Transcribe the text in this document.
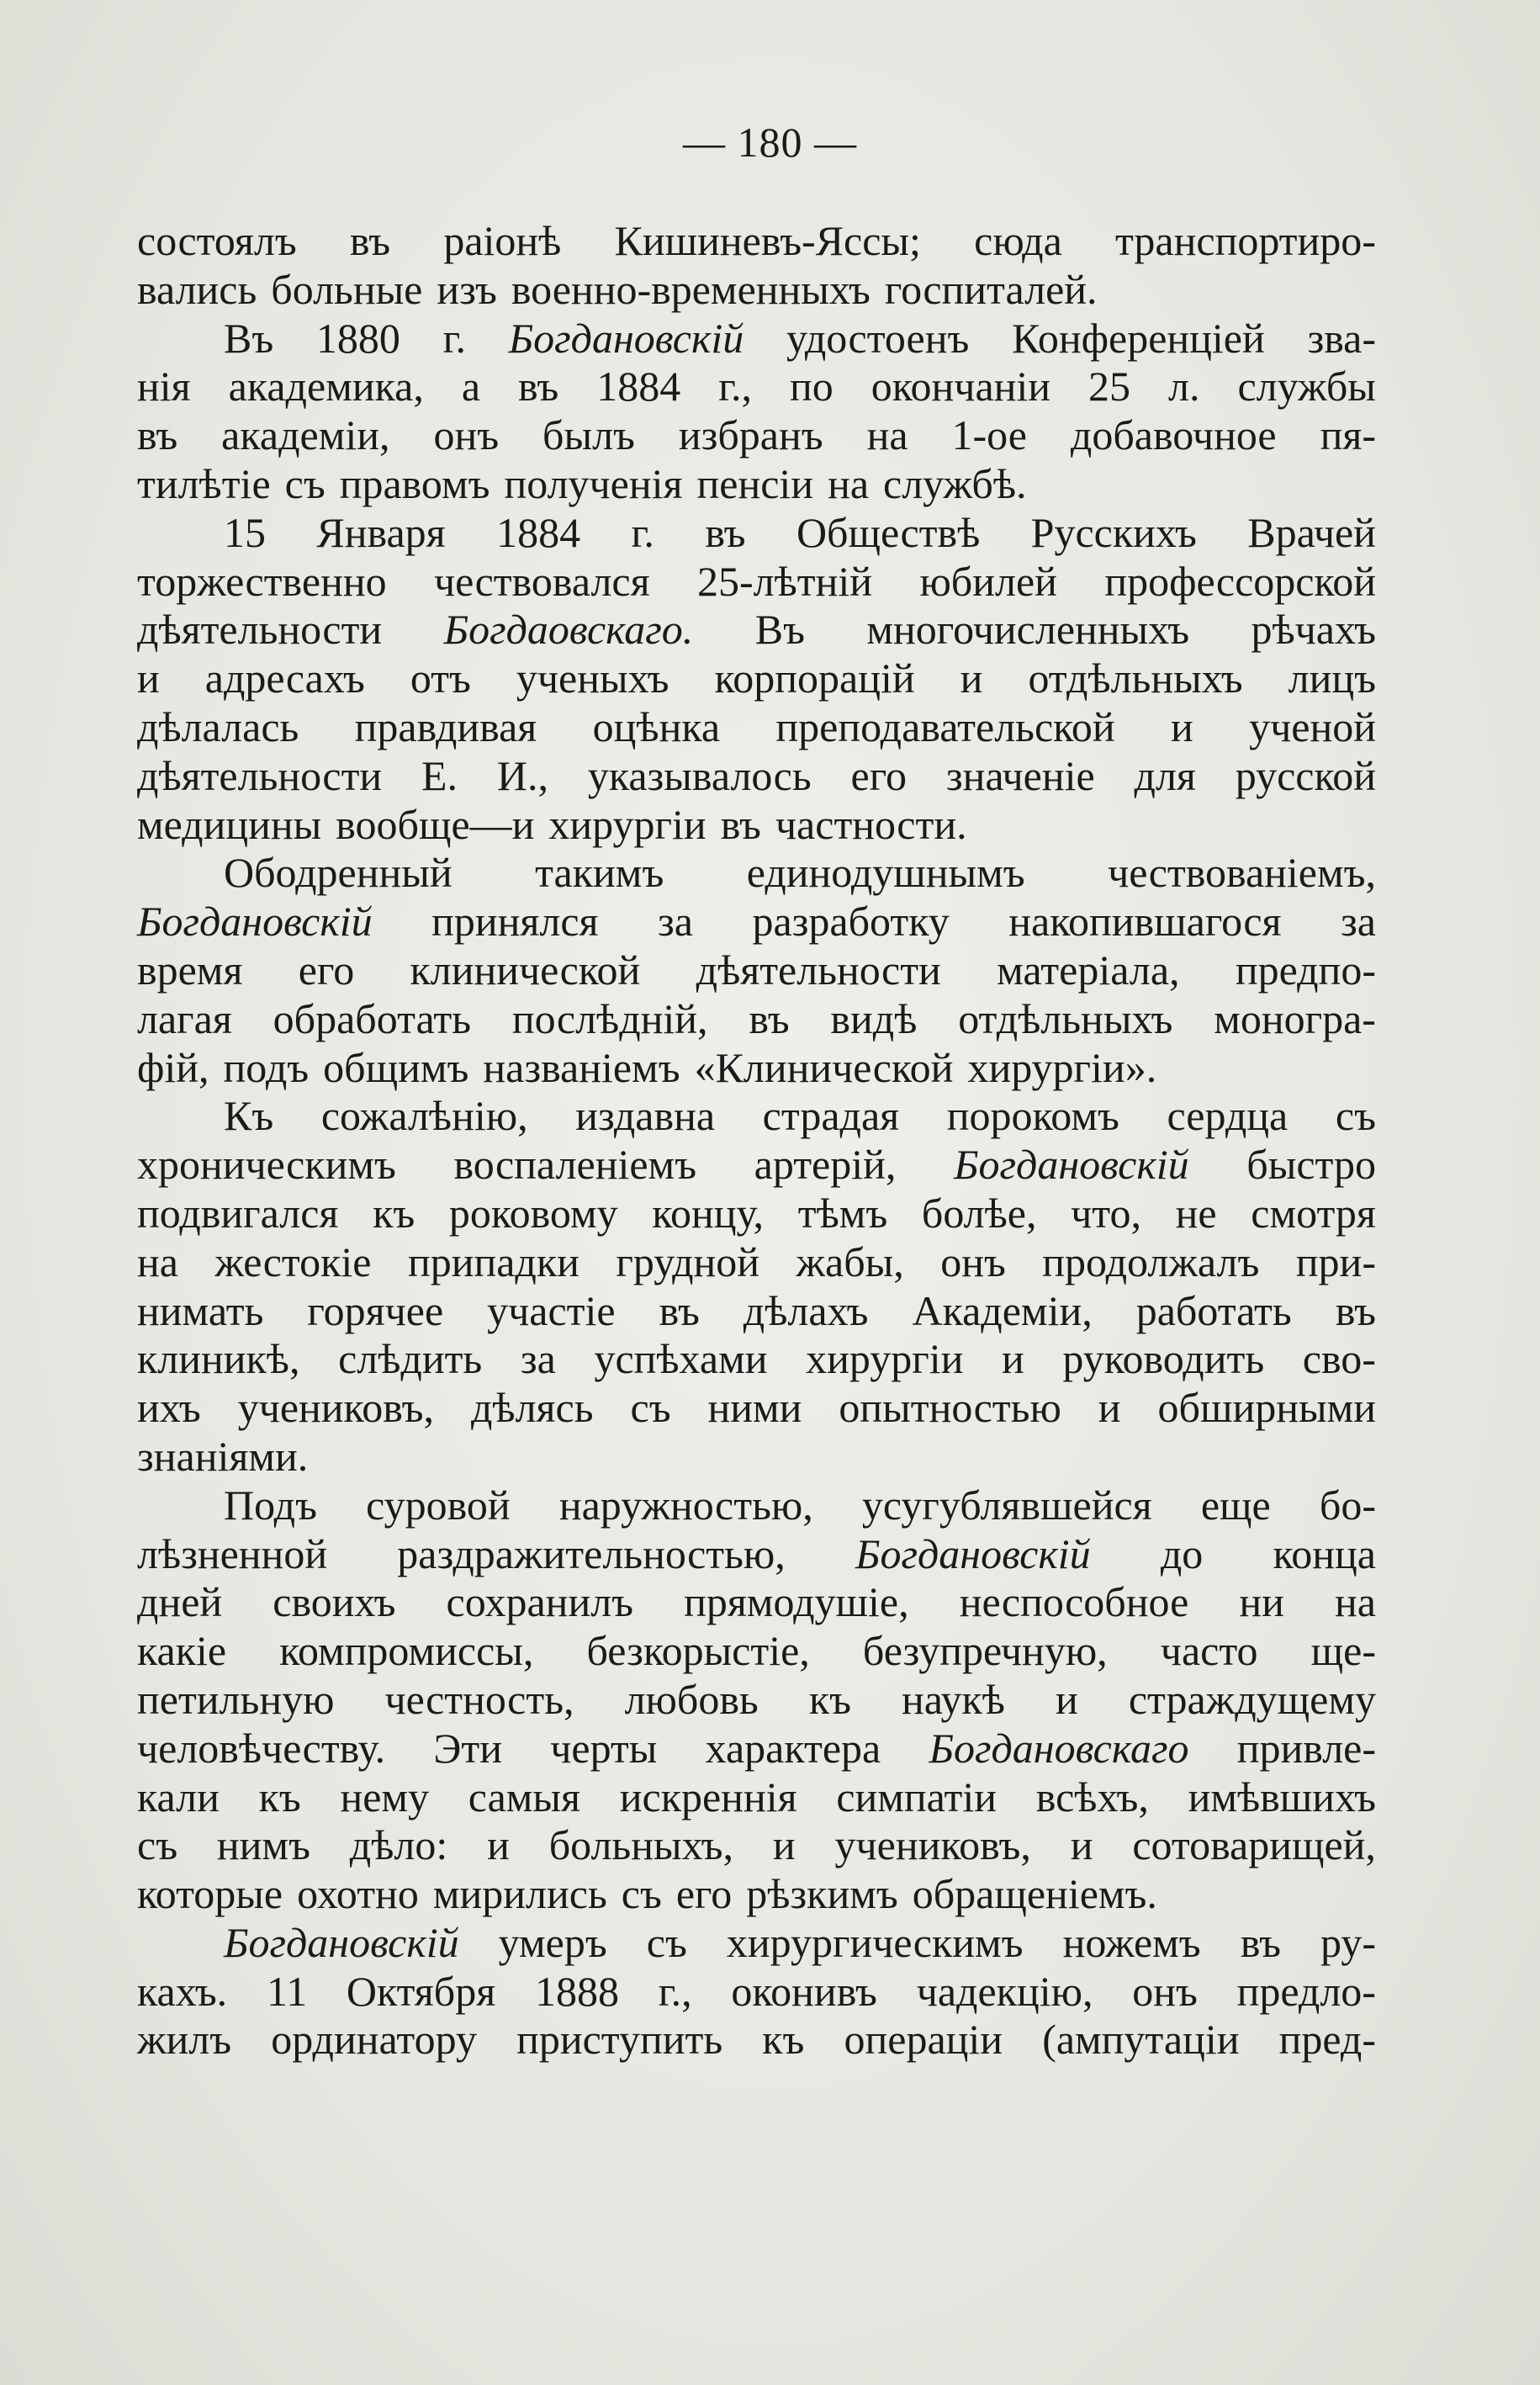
— 180 —
состоялъ въ раіонѣ Кишиневъ-Яссы; сюда транспортиро-
вались больные изъ военно-временныхъ госпиталей.
Въ 1880 г. Богдановскій удостоенъ Конференціей зва-
нія академика, а въ 1884 г., по окончаніи 25 л. службы
въ академіи, онъ былъ избранъ на 1-ое добавочное пя-
тилѣтіе съ правомъ полученія пенсіи на службѣ.
15 Января 1884 г. въ Обществѣ Русскихъ Врачей
торжественно чествовался 25-лѣтній юбилей профессорской
дѣятельности Богдаовскаго. Въ многочисленныхъ рѣчахъ
и адресахъ отъ ученыхъ корпорацій и отдѣльныхъ лицъ
дѣлалась правдивая оцѣнка преподавательской и ученой
дѣятельности Е. И., указывалось его значеніе для русской
медицины вообще—и хирургіи въ частности.
Ободренный такимъ единодушнымъ чествованіемъ,
Богдановскій принялся за разработку накопившагося за
время его клинической дѣятельности матеріала, предпо-
лагая обработать послѣдній, въ видѣ отдѣльныхъ моногра-
фій, подъ общимъ названіемъ «Клинической хирургіи».
Къ сожалѣнію, издавна страдая порокомъ сердца съ
хроническимъ воспаленіемъ артерій, Богдановскій быстро
подвигался къ роковому концу, тѣмъ болѣе, что, не смотря
на жестокіе припадки грудной жабы, онъ продолжалъ при-
нимать горячее участіе въ дѣлахъ Академіи, работать въ
клиникѣ, слѣдить за успѣхами хирургіи и руководить сво-
ихъ учениковъ, дѣлясь съ ними опытностью и обширными
знаніями.
Подъ суровой наружностью, усугублявшейся еще бо-
лѣзненной раздражительностью, Богдановскій до конца
дней своихъ сохранилъ прямодушіе, неспособное ни на
какіе компромиссы, безкорыстіе, безупречную, часто ще-
петильную честность, любовь къ наукѣ и страждущему
человѣчеству. Эти черты характера Богдановскаго привле-
кали къ нему самыя искреннія симпатіи всѣхъ, имѣвшихъ
съ нимъ дѣло: и больныхъ, и учениковъ, и сотоварищей,
которые охотно мирились съ его рѣзкимъ обращеніемъ.
Богдановскій умеръ съ хирургическимъ ножемъ въ ру-
кахъ. 11 Октября 1888 г., оконивъ чадекцію, онъ предло-
жилъ ординатору приступить къ операціи (ампутаціи пред-
